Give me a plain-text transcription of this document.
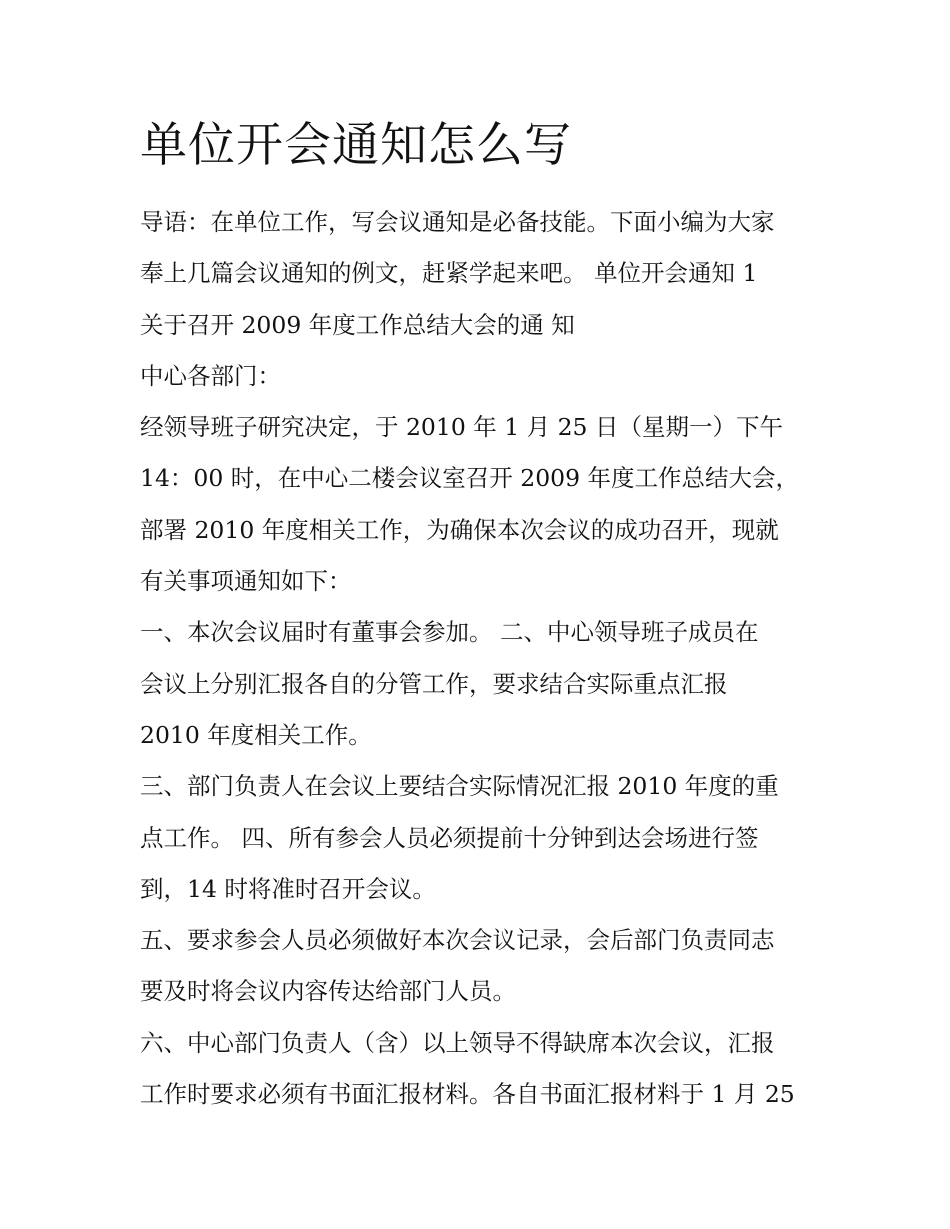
单位开会通知怎么写
导语：在单位工作，写会议通知是必备技能。下面小编为大家
奉上几篇会议通知的例文，赶紧学起来吧。 单位开会通知 1
关于召开 2009 年度工作总结大会的通 知
中心各部门：
经领导班子研究决定，于 2010 年 1 月 25 日（星期一）下午
14：00 时，在中心二楼会议室召开 2009 年度工作总结大会，
部署 2010 年度相关工作，为确保本次会议的成功召开，现就
有关事项通知如下：
一、本次会议届时有董事会参加。 二、中心领导班子成员在
会议上分别汇报各自的分管工作，要求结合实际重点汇报
2010 年度相关工作。
三、部门负责人在会议上要结合实际情况汇报 2010 年度的重
点工作。 四、所有参会人员必须提前十分钟到达会场进行签
到，14 时将准时召开会议。
五、要求参会人员必须做好本次会议记录，会后部门负责同志
要及时将会议内容传达给部门人员。
六、中心部门负责人（含）以上领导不得缺席本次会议，汇报
工作时要求必须有书面汇报材料。各自书面汇报材料于 1 月 25
